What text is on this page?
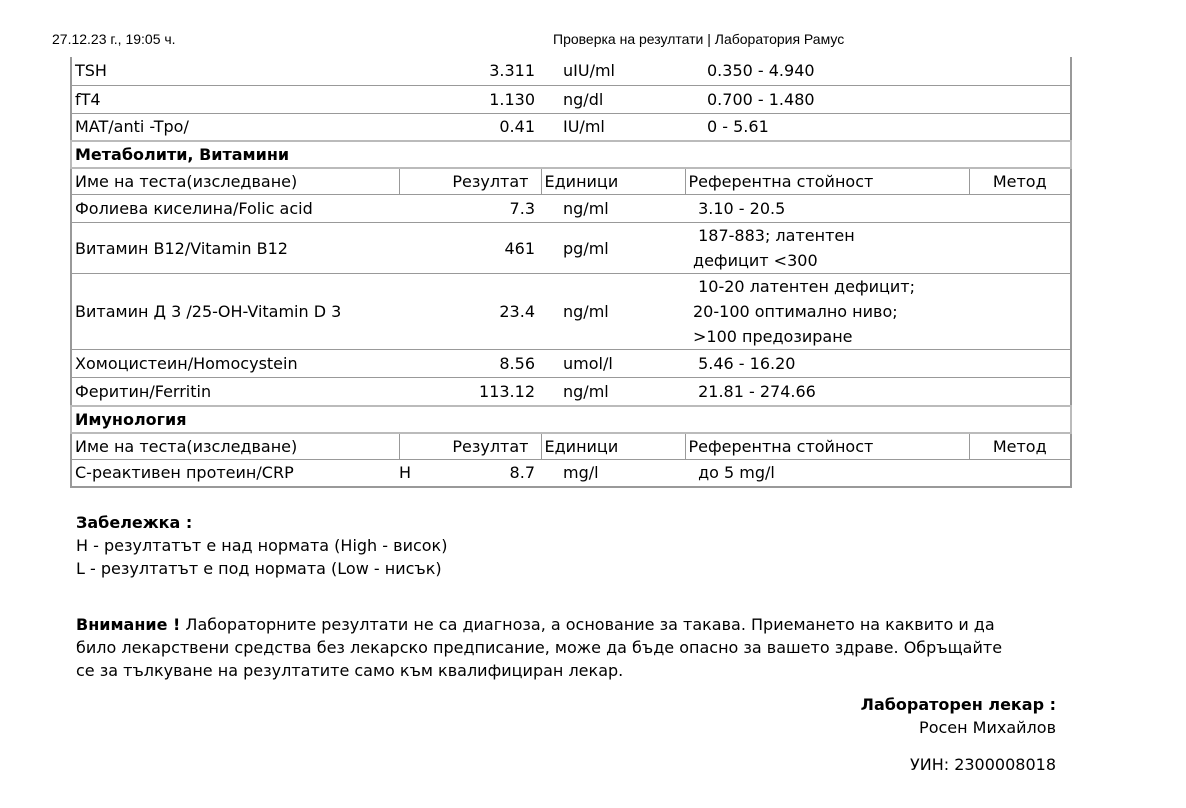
27.12.23 г., 19:05 ч.	Проверка на резултати | Лаборатория Рамус
TSH	3.311	uIU/ml	0.350 - 4.940	
fT4	1.130	ng/dl	0.700 - 1.480	
MAT/anti -Tpo/	0.41	IU/ml	0 - 5.61	
Метаболити, Витамини				
Име на теста(изследване)	Резултат	Единици	Референтна стойност	Метод
Фолиева киселина/Folic acid	7.3	ng/ml	3.10 - 20.5	

Витамин B12/Vitamin B12	461	pg/ml	187-883; латентен
дефицит <300	

Витамин Д 3 /25-OH-Vitamin D 3	23.4	ng/ml	10-20 латентен дефицит;
20-100 оптимално ниво;
>100 предозиране	

Хомоцистеин/Homocystein	8.56	umol/l	5.46 - 16.20	

Феритин/Ferritin	113.12	ng/ml	21.81 - 274.66	

Имунология				
Име на теста(изследване)	Резултат	Единици	Референтна стойност	Метод
C-реактивен протеин/CRP	H 8.7	mg/l	до 5 mg/l	

Забележка :
H - резултатът е над нормата (High - висок)
L - резултатът е под нормата (Low - нисък)
Внимание ! Лабораторните резултати не са диагноза, а основание за такава. Приемането на каквито и да било лекарствени средства без лекарско предписание, може да бъде опасно за вашето здраве. Обръщайте се за тълкуване на резултатите само към квалифициран лекар.
Лабораторен лекар :
Росен Михайлов
УИН: 2300008018
